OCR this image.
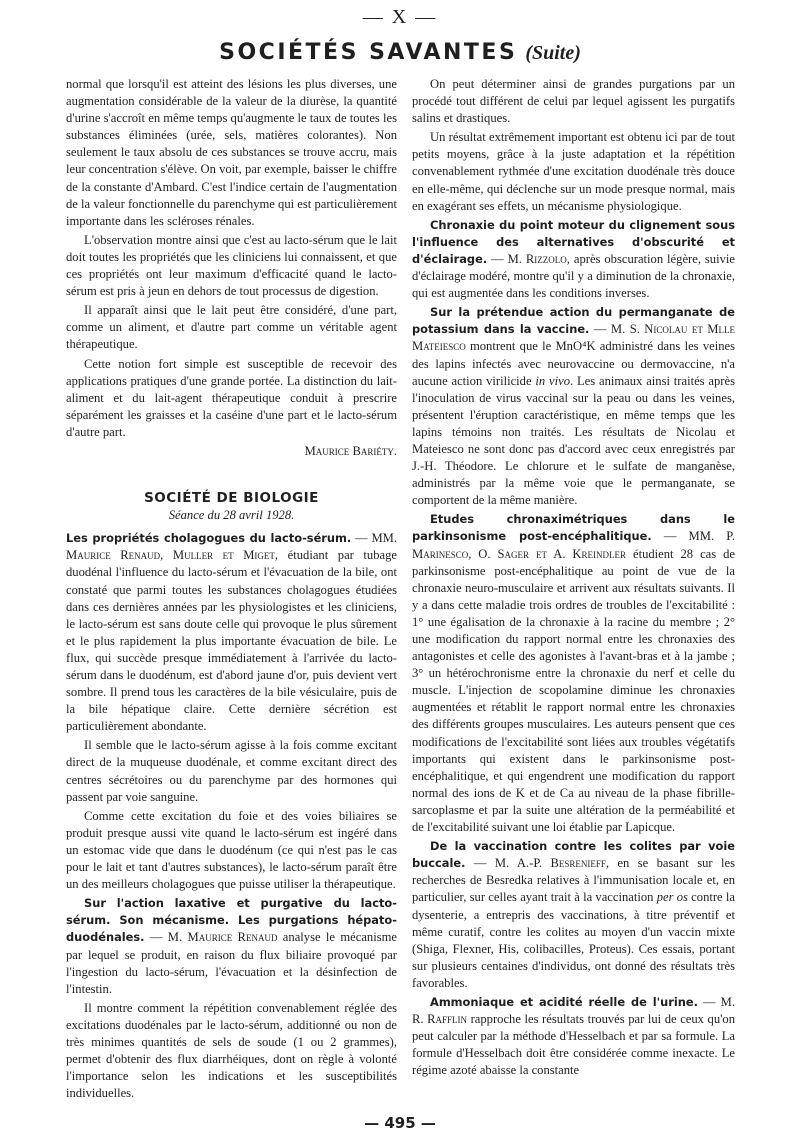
— X —
SOCIÉTÉS SAVANTES (Suite)

normal que lorsqu'il est atteint des lésions les plus diverses, une augmentation considérable de la valeur de la diurèse, la quantité d'urine s'accroît en même temps qu'augmente le taux de toutes les substances éliminées (urée, sels, matières colorantes). Non seulement le taux absolu de ces substances se trouve accru, mais leur concentration s'élève. On voit, par exemple, baisser le chiffre de la constante d'Ambard. C'est l'indice certain de l'augmentation de la valeur fonctionnelle du parenchyme qui est particulièrement importante dans les scléroses rénales.

L'observation montre ainsi que c'est au lacto-sérum que le lait doit toutes les propriétés que les cliniciens lui connaissent, et que ces propriétés ont leur maximum d'efficacité quand le lacto-sérum est pris à jeun en dehors de tout processus de digestion.

Il apparaît ainsi que le lait peut être considéré, d'une part, comme un aliment, et d'autre part comme un véritable agent thérapeutique.

Cette notion fort simple est susceptible de recevoir des applications pratiques d'une grande portée. La distinction du lait-aliment et du lait-agent thérapeutique conduit à prescrire séparément les graisses et la caséine d'une part et le lacto-sérum d'autre part.

Maurice Bariéty.
SOCIÉTÉ DE BIOLOGIE
Séance du 28 avril 1928.

Les propriétés cholagogues du lacto-sérum. — MM. Maurice Renaud, Muller et Miget, étudiant par tubage duodénal l'influence du lacto-sérum et l'évacuation de la bile, ont constaté que parmi toutes les substances cholagogues étudiées dans ces dernières années par les physiologistes et les cliniciens, le lacto-sérum est sans doute celle qui provoque le plus sûrement et le plus rapidement la plus importante évacuation de bile. Le flux, qui succède presque immédiatement à l'arrivée du lacto-sérum dans le duodénum, est d'abord jaune d'or, puis devient vert sombre. Il prend tous les caractères de la bile vésiculaire, puis de la bile hépatique claire. Cette dernière sécrétion est particulièrement abondante.

Il semble que le lacto-sérum agisse à la fois comme excitant direct de la muqueuse duodénale, et comme excitant direct des centres sécrétoires ou du parenchyme par des hormones qui passent par voie sanguine.

Comme cette excitation du foie et des voies biliaires se produit presque aussi vite quand le lacto-sérum est ingéré dans un estomac vide que dans le duodénum (ce qui n'est pas le cas pour le lait et tant d'autres substances), le lacto-sérum paraît être un des meilleurs cholagogues que puisse utiliser la thérapeutique.

Sur l'action laxative et purgative du lacto-sérum. Son mécanisme. Les purgations hépato-duodénales. — M. Maurice Renaud analyse le mécanisme par lequel se produit, en raison du flux biliaire provoqué par l'ingestion du lacto-sérum, l'évacuation et la désinfection de l'intestin.

Il montre comment la répétition convenablement réglée des excitations duodénales par le lacto-sérum, additionné ou non de très minimes quantités de sels de soude (1 ou 2 grammes), permet d'obtenir des flux diarrhéiques, dont on règle à volonté l'importance selon les indications et les susceptibilités individuelles.

On peut déterminer ainsi de grandes purgations par un procédé tout différent de celui par lequel agissent les purgatifs salins et drastiques.

Un résultat extrêmement important est obtenu ici par de tout petits moyens, grâce à la juste adaptation et la répétition convenablement rythmée d'une excitation duodénale très douce en elle-même, qui déclenche sur un mode presque normal, mais en exagérant ses effets, un mécanisme physiologique.

Chronaxie du point moteur du clignement sous l'influence des alternatives d'obscurité et d'éclairage. — M. Rizzolo, après obscuration légère, suivie d'éclairage modéré, montre qu'il y a diminution de la chronaxie, qui est augmentée dans les conditions inverses.

Sur la prétendue action du permanganate de potassium dans la vaccine. — M. S. Nicolau et Mlle Mateiesco montrent que le MnO⁴K administré dans les veines des lapins infectés avec neurovaccine ou dermovaccine, n'a aucune action virilicide in vivo. Les animaux ainsi traités après l'inoculation de virus vaccinal sur la peau ou dans les veines, présentent l'éruption caractéristique, en même temps que les lapins témoins non traités. Les résultats de Nicolau et Mateiesco ne sont donc pas d'accord avec ceux enregistrés par J.-H. Théodore. Le chlorure et le sulfate de manganèse, administrés par la même voie que le permanganate, se comportent de la même manière.

Etudes chronaximétriques dans le parkinsonisme post-encéphalitique. — MM. P. Marinesco, O. Sager et A. Kreindler étudient 28 cas de parkinsonisme post-encéphalitique au point de vue de la chronaxie neuro-musculaire et arrivent aux résultats suivants. Il y a dans cette maladie trois ordres de troubles de l'excitabilité : 1° une égalisation de la chronaxie à la racine du membre ; 2° une modification du rapport normal entre les chronaxies des antagonistes et celle des agonistes à l'avant-bras et à la jambe ; 3° un hétérochronisme entre la chronaxie du nerf et celle du muscle. L'injection de scopolamine diminue les chronaxies augmentées et rétablit le rapport normal entre les chronaxies des différents groupes musculaires. Les auteurs pensent que ces modifications de l'excitabilité sont liées aux troubles végétatifs importants qui existent dans le parkinsonisme post-encéphalitique, et qui engendrent une modification du rapport normal des ions de K et de Ca au niveau de la phase fibrille-sarcoplasme et par la suite une altération de la perméabilité et de l'excitabilité suivant une loi établie par Lapicque.

De la vaccination contre les colites par voie buccale. — M. A.-P. Besrenieff, en se basant sur les recherches de Besredka relatives à l'immunisation locale et, en particulier, sur celles ayant trait à la vaccination per os contre la dysenterie, a entrepris des vaccinations, à titre préventif et même curatif, contre les colites au moyen d'un vaccin mixte (Shiga, Flexner, His, colibacilles, Proteus). Ces essais, portant sur plusieurs centaines d'individus, ont donné des résultats très favorables.

Ammoniaque et acidité réelle de l'urine. — M. R. Rafflin rapproche les résultats trouvés par lui de ceux qu'on peut calculer par la méthode d'Hesselbach et par sa formule. La formule d'Hesselbach doit être considérée comme inexacte. Le régime azoté abaisse la constante

— 495 —
